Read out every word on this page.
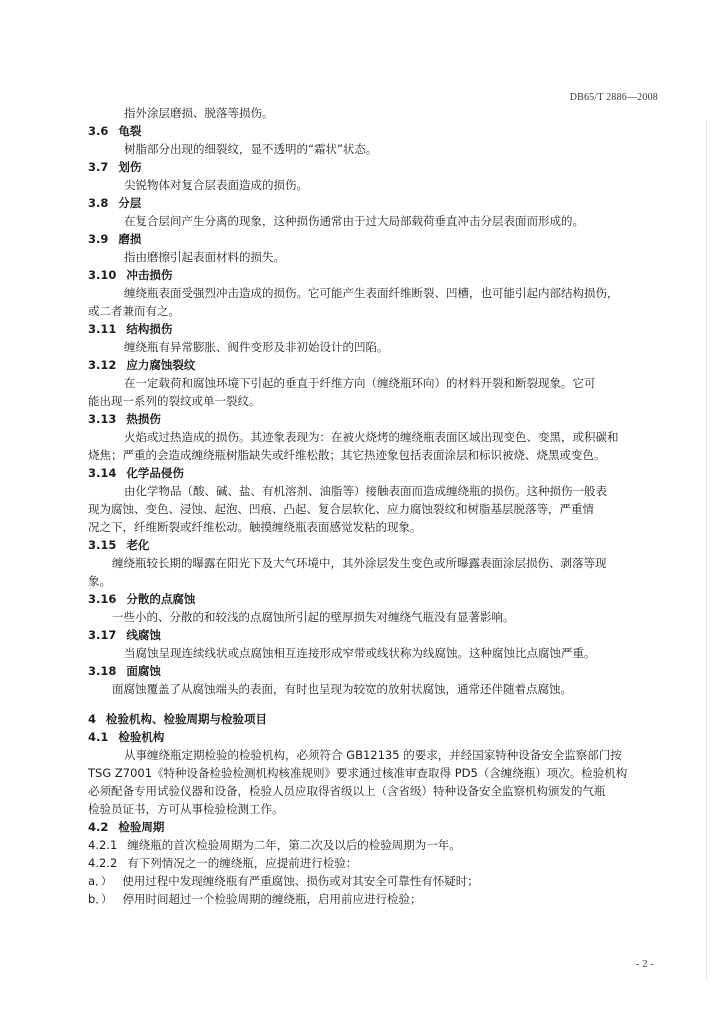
DB65/T 2886—2008
指外涂层磨损、脱落等损伤。
3.6 龟裂
树脂部分出现的细裂纹，显不透明的“霜状”状态。
3.7 划伤
尖锐物体对复合层表面造成的损伤。
3.8 分层
在复合层间产生分离的现象，这种损伤通常由于过大局部载荷垂直冲击分层表面而形成的。
3.9 磨损
指由磨擦引起表面材料的损失。
3.10 冲击损伤
缠绕瓶表面受强烈冲击造成的损伤。它可能产生表面纤维断裂、凹槽，也可能引起内部结构损伤，
或二者兼而有之。
3.11 结构损伤
缠绕瓶有异常膨胀、阀件变形及非初始设计的凹陷。
3.12 应力腐蚀裂纹
在一定载荷和腐蚀环境下引起的垂直于纤维方向（缠绕瓶环向）的材料开裂和断裂现象。它可
能出现一系列的裂纹或单一裂纹。
3.13 热损伤
火焰或过热造成的损伤。其迹象表现为：在被火烧烤的缠绕瓶表面区域出现变色、变黑，或积碳和
烧焦；严重的会造成缠绕瓶树脂缺失或纤维松散；其它热迹象包括表面涂层和标识被烧、烧黑或变色。
3.14 化学品侵伤
由化学物品（酸、碱、盐、有机溶剂、油脂等）接触表面而造成缠绕瓶的损伤。这种损伤一般表
现为腐蚀、变色、浸蚀、起泡、凹痕、凸起、复合层软化、应力腐蚀裂纹和树脂基层脱落等，严重情
况之下，纤维断裂或纤维松动。触摸缠绕瓶表面感觉发粘的现象。
3.15 老化
缠绕瓶较长期的曝露在阳光下及大气环境中，其外涂层发生变色或所曝露表面涂层损伤、剥落等现
象。
3.16 分散的点腐蚀
一些小的、分散的和较浅的点腐蚀所引起的壁厚损失对缠绕气瓶没有显著影响。
3.17 线腐蚀
当腐蚀呈现连续线状或点腐蚀相互连接形成窄带或线状称为线腐蚀。这种腐蚀比点腐蚀严重。
3.18 面腐蚀
面腐蚀覆盖了从腐蚀端头的表面，有时也呈现为较宽的放射状腐蚀，通常还伴随着点腐蚀。
4 检验机构、检验周期与检验项目
4.1 检验机构
从事缠绕瓶定期检验的检验机构，必须符合 GB12135 的要求，并经国家特种设备安全监察部门按
TSG Z7001《特种设备检验检测机构核准规则》要求通过核准审查取得 PD5（含缠绕瓶）项次。检验机构
必须配备专用试验仪器和设备，检验人员应取得省级以上（含省级）特种设备安全监察机构颁发的气瓶
检验员证书，方可从事检验检测工作。
4.2 检验周期
4.2.1 缠绕瓶的首次检验周期为二年，第二次及以后的检验周期为一年。
4.2.2 有下列情况之一的缠绕瓶，应提前进行检验：
a．） 使用过程中发现缠绕瓶有严重腐蚀、损伤或对其安全可靠性有怀疑时；
b．） 停用时间超过一个检验周期的缠绕瓶，启用前应进行检验；
- 2 -
